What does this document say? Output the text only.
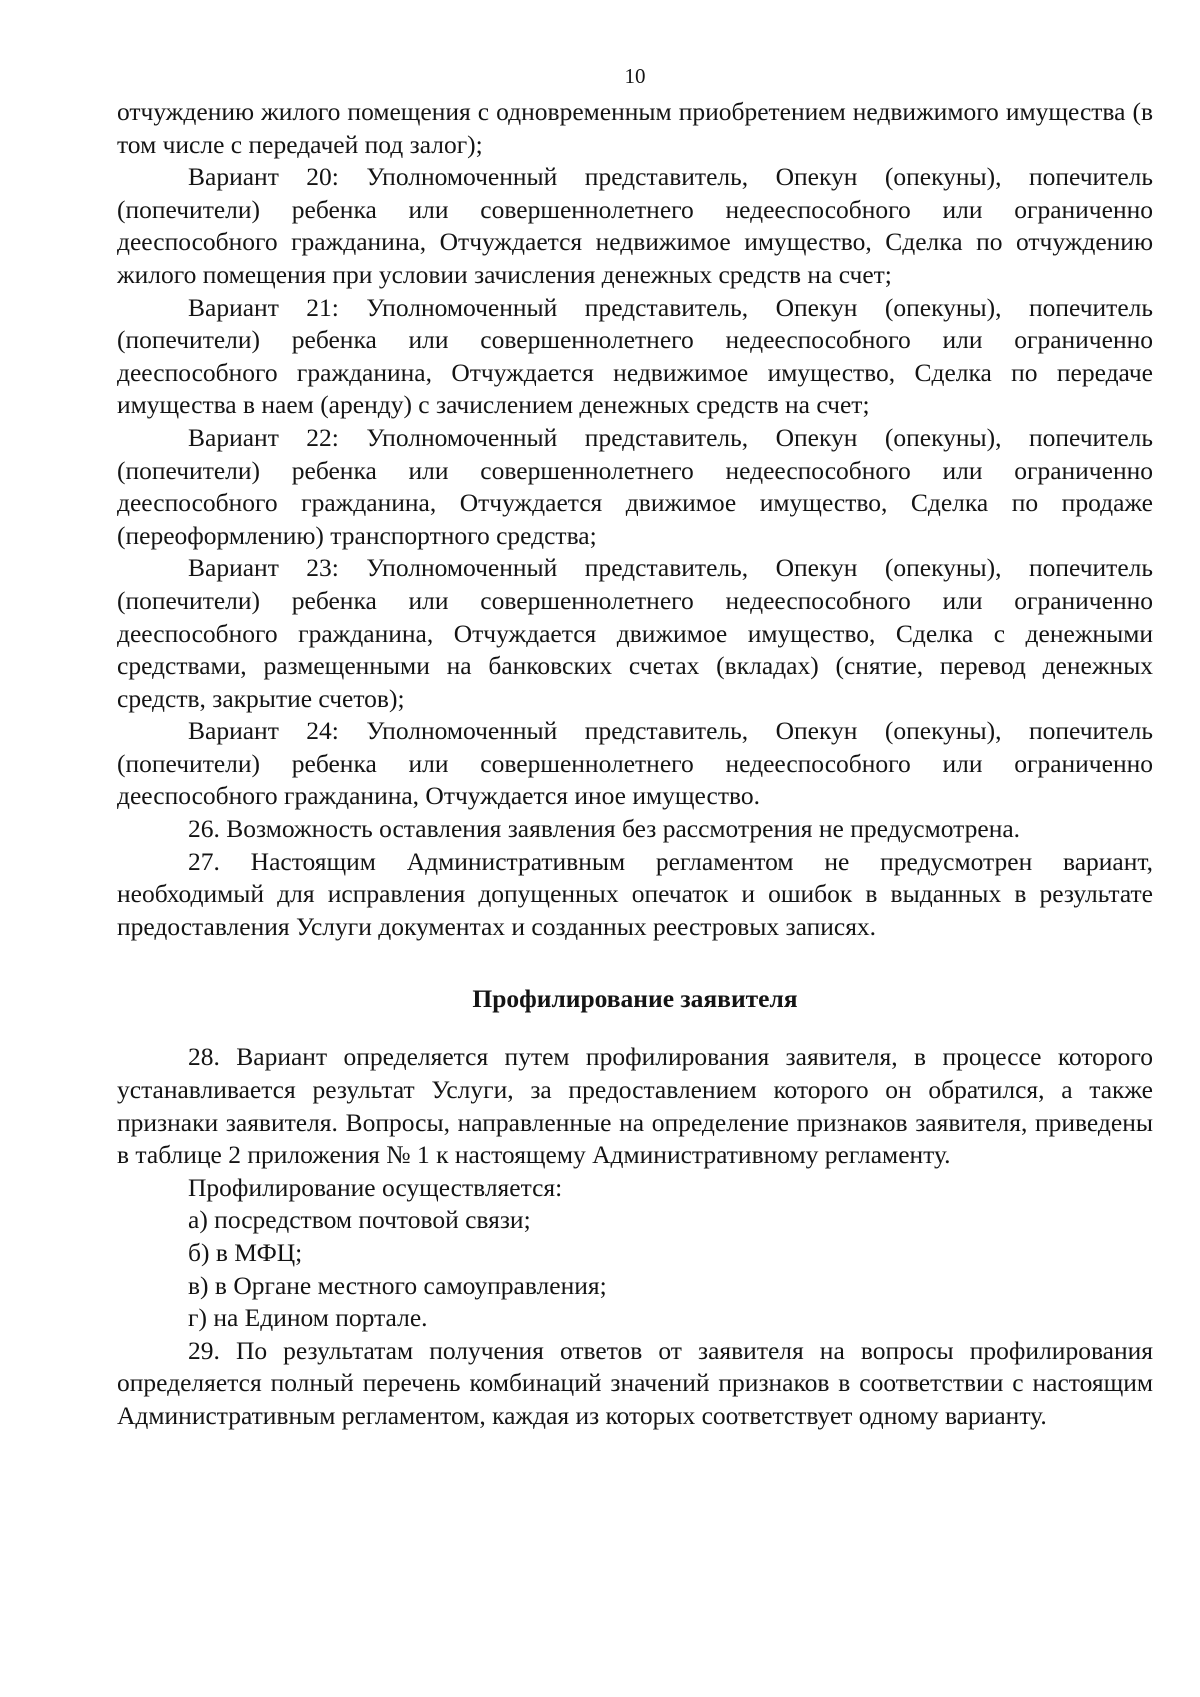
10

отчуждению жилого помещения с одновременным приобретением недвижимого имущества (в том числе с передачей под залог);

Вариант 20: Уполномоченный представитель, Опекун (опекуны), попечитель (попечители) ребенка или совершеннолетнего недееспособного или ограниченно дееспособного гражданина, Отчуждается недвижимое имущество, Сделка по отчуждению жилого помещения при условии зачисления денежных средств на счет;

Вариант 21: Уполномоченный представитель, Опекун (опекуны), попечитель (попечители) ребенка или совершеннолетнего недееспособного или ограниченно дееспособного гражданина, Отчуждается недвижимое имущество, Сделка по передаче имущества в наем (аренду) с зачислением денежных средств на счет;

Вариант 22: Уполномоченный представитель, Опекун (опекуны), попечитель (попечители) ребенка или совершеннолетнего недееспособного или ограниченно дееспособного гражданина, Отчуждается движимое имущество, Сделка по продаже (переоформлению) транспортного средства;

Вариант 23: Уполномоченный представитель, Опекун (опекуны), попечитель (попечители) ребенка или совершеннолетнего недееспособного или ограниченно дееспособного гражданина, Отчуждается движимое имущество, Сделка с денежными средствами, размещенными на банковских счетах (вкладах) (снятие, перевод денежных средств, закрытие счетов);

Вариант 24: Уполномоченный представитель, Опекун (опекуны), попечитель (попечители) ребенка или совершеннолетнего недееспособного или ограниченно дееспособного гражданина, Отчуждается иное имущество.

26. Возможность оставления заявления без рассмотрения не предусмотрена.

27. Настоящим Административным регламентом не предусмотрен вариант, необходимый для исправления допущенных опечаток и ошибок в выданных в результате предоставления Услуги документах и созданных реестровых записях.

Профилирование заявителя

28. Вариант определяется путем профилирования заявителя, в процессе которого устанавливается результат Услуги, за предоставлением которого он обратился, а также признаки заявителя. Вопросы, направленные на определение признаков заявителя, приведены в таблице 2 приложения № 1 к настоящему Административному регламенту.

Профилирование осуществляется:

а) посредством почтовой связи;

б) в МФЦ;

в) в Органе местного самоуправления;

г) на Едином портале.

29. По результатам получения ответов от заявителя на вопросы профилирования определяется полный перечень комбинаций значений признаков в соответствии с настоящим Административным регламентом, каждая из которых соответствует одному варианту.
